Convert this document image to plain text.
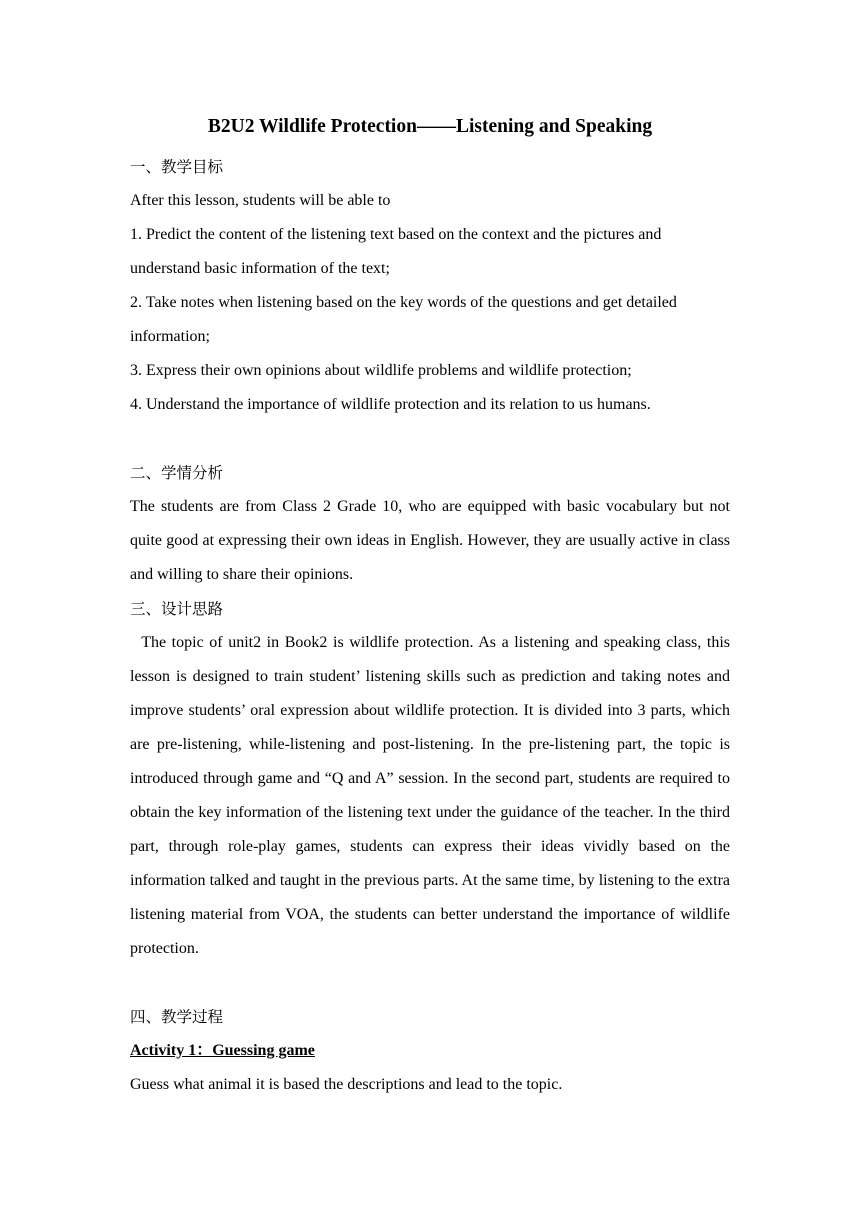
B2U2 Wildlife Protection——Listening and Speaking
一、教学目标

After this lesson, students will be able to

1. Predict the content of the listening text based on the context and the pictures and understand basic information of the text;

2. Take notes when listening based on the key words of the questions and get detailed information;

3. Express their own opinions about wildlife problems and wildlife protection;

4. Understand the importance of wildlife protection and its relation to us humans.

二、学情分析

The students are from Class 2 Grade 10, who are equipped with basic vocabulary but not quite good at expressing their own ideas in English. However, they are usually active in class and willing to share their opinions.

三、设计思路

The topic of unit2 in Book2 is wildlife protection. As a listening and speaking class, this lesson is designed to train student’ listening skills such as prediction and taking notes and improve students’ oral expression about wildlife protection. It is divided into 3 parts, which are pre-listening, while-listening and post-listening. In the pre-listening part, the topic is introduced through game and “Q and A” session. In the second part, students are required to obtain the key information of the listening text under the guidance of the teacher. In the third part, through role-play games, students can express their ideas vividly based on the information talked and taught in the previous parts. At the same time, by listening to the extra listening material from VOA, the students can better understand the importance of wildlife protection.

四、教学过程
Activity 1：Guessing game

Guess what animal it is based the descriptions and lead to the topic.
